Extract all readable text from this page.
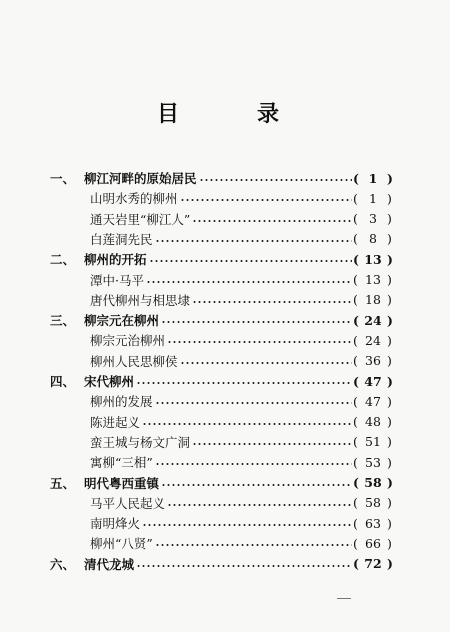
目　录
一、 柳江河畔的原始居民	( 1 )
山明水秀的柳州	( 1 )
通天岩里“柳江人”	( 3 )
白莲洞先民	( 8 )
二、 柳州的开拓	( 13 )
潭中·马平	( 13 )
唐代柳州与相思埭	( 18 )
三、 柳宗元在柳州	( 24 )
柳宗元治柳州	( 24 )
柳州人民思柳侯	( 36 )
四、 宋代柳州	( 47 )
柳州的发展	( 47 )
陈进起义	( 48 )
蛮王城与杨文广洞	( 51 )
寓柳“三相”	( 53 )
五、 明代粤西重镇	( 58 )
马平人民起义	( 58 )
南明烽火	( 63 )
柳州“八贤”	( 66 )
六、 清代龙城	( 72 )
